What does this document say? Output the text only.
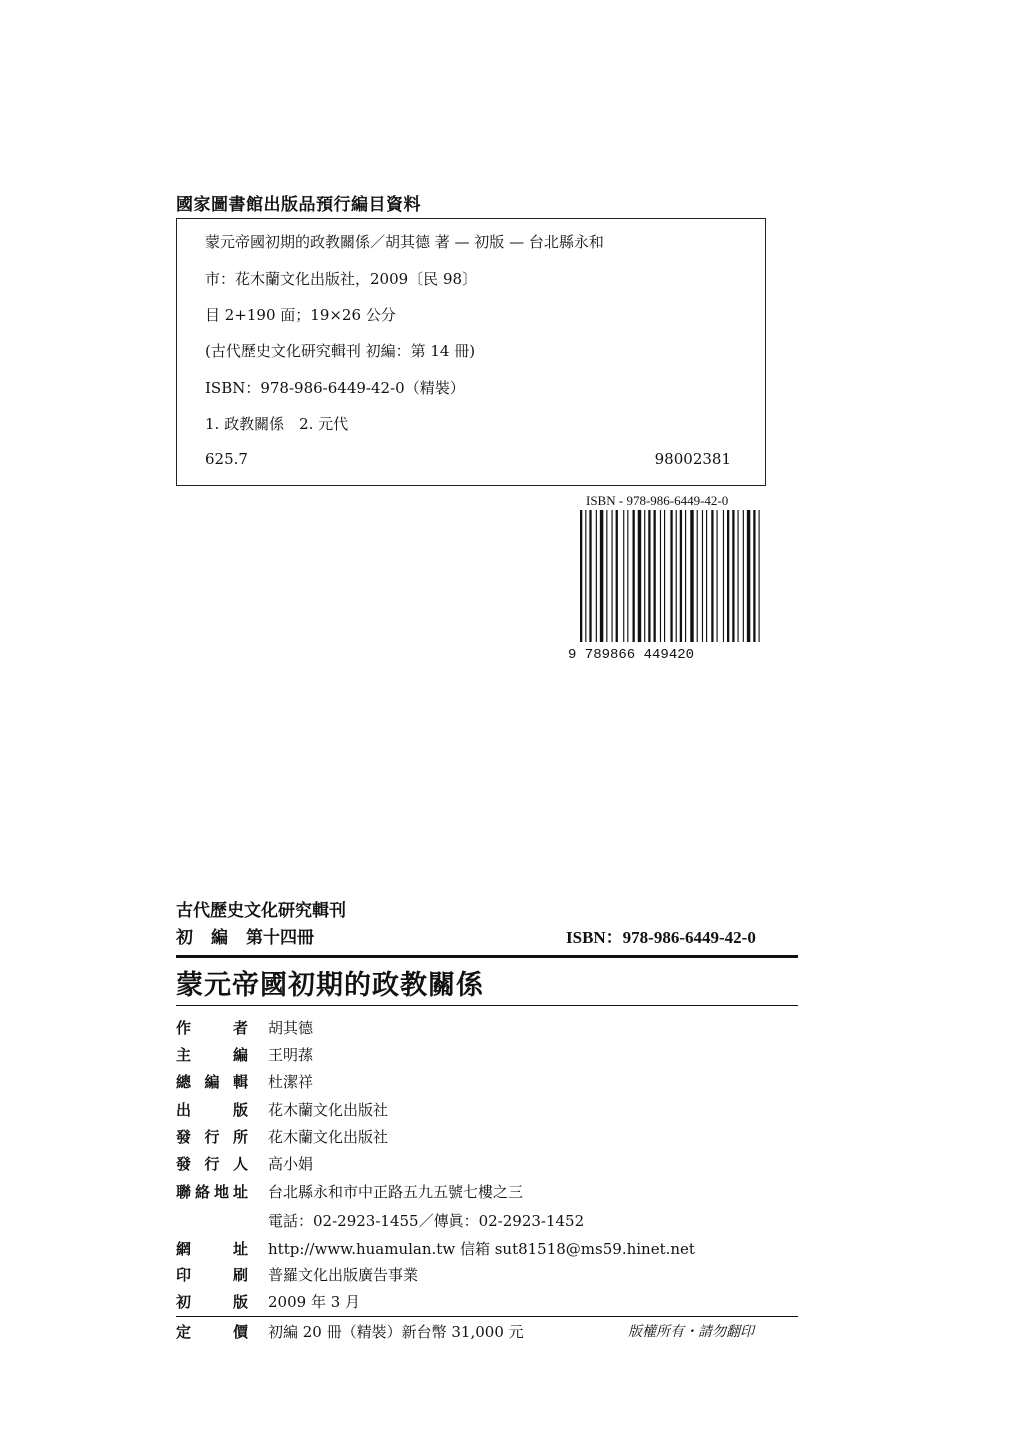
國家圖書館出版品預行編目資料
蒙元帝國初期的政教關係／胡其德 著 — 初版 — 台北縣永和
市：花木蘭文化出版社，2009〔民 98〕
目 2+190 面；19×26 公分
(古代歷史文化研究輯刊 初編：第 14 冊)
ISBN：978-986-6449-42-0（精裝）
1. 政教關係　2. 元代
625.7	98002381
ISBN - 978-986-6449-42-0
9 789866 449420
古代歷史文化研究輯刊
初 編 第十四冊	ISBN：978-986-6449-42-0
蒙元帝國初期的政教關係
作　者 胡其德
主　編 王明蓀
總編輯 杜潔祥
出　版 花木蘭文化出版社
發行所 花木蘭文化出版社
發行人 高小娟
聯絡地址 台北縣永和市中正路五九五號七樓之三
電話：02-2923-1455／傳眞：02-2923-1452
網　址 http://www.huamulan.tw 信箱 sut81518@ms59.hinet.net
印　刷 普羅文化出版廣告事業
初　版 2009 年 3 月
定　價 初編 20 冊（精裝）新台幣 31,000 元	版權所有・請勿翻印
